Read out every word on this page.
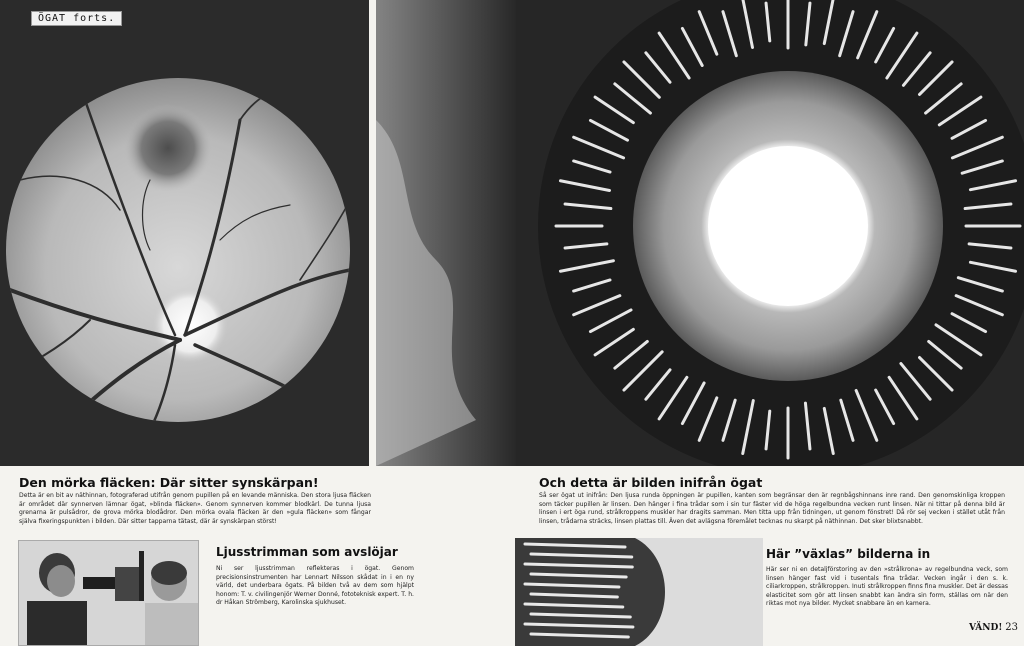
ÖGAT forts.
Den mörka fläcken: Där sitter synskärpan!
Detta är en bit av näthinnan, fotograferad utifrån genom pupillen på en levande människa. Den stora ljusa fläcken är området där synnerven lämnar ögat, »blinda fläcken». Genom synnerven kommer blodkärl. De tunna ljusa grenarna är pulsådror, de grova mörka blodådror. Den mörka ovala fläcken är den »gula fläcken» som fångar själva fixeringspunkten i bilden. Där sitter tapparna tätast, där är synskärpan störst!
Och detta är bilden inifrån ögat
Så ser ögat ut inifrån: Den ljusa runda öppningen är pupillen, kanten som begränsar den är regnbågshinnans inre rand. Den genomskinliga kroppen som täcker pupillen är linsen. Den hänger i fina trådar som i sin tur fäster vid de höga regelbundna vecken runt linsen. När ni tittar på denna bild är linsen i ert öga rund, strålkroppens muskler har dragits samman. Men titta upp från tidningen, ut genom fönstret! Då rör sej vecken i stället utåt från linsen, trådarna sträcks, linsen plattas till. Även det avlägsna föremålet tecknas nu skarpt på näthinnan. Det sker blixtsnabbt.
Ljusstrimman som avslöjar
Ni ser ljusstrimman reflekteras i ögat. Genom precisionsinstrumenten har Lennart Nilsson skådat in i en ny värld, det underbara ögats. På bilden två av dem som hjälpt honom: T. v. civilingenjör Werner Donné, fototeknisk expert. T. h. dr Håkan Strömberg, Karolinska sjukhuset.
Här ”växlas” bilderna in
Här ser ni en detaljförstoring av den »strålkrona» av regelbundna veck, som linsen hänger fast vid i tusentals fina trådar. Vecken ingår i den s. k. ciliarkroppen, strålkroppen. Inuti strålkroppen finns fina muskler. Det är dessas elasticitet som gör att linsen snabbt kan ändra sin form, ställas om när den riktas mot nya bilder. Mycket snabbare än en kamera.
VÄND! 23
